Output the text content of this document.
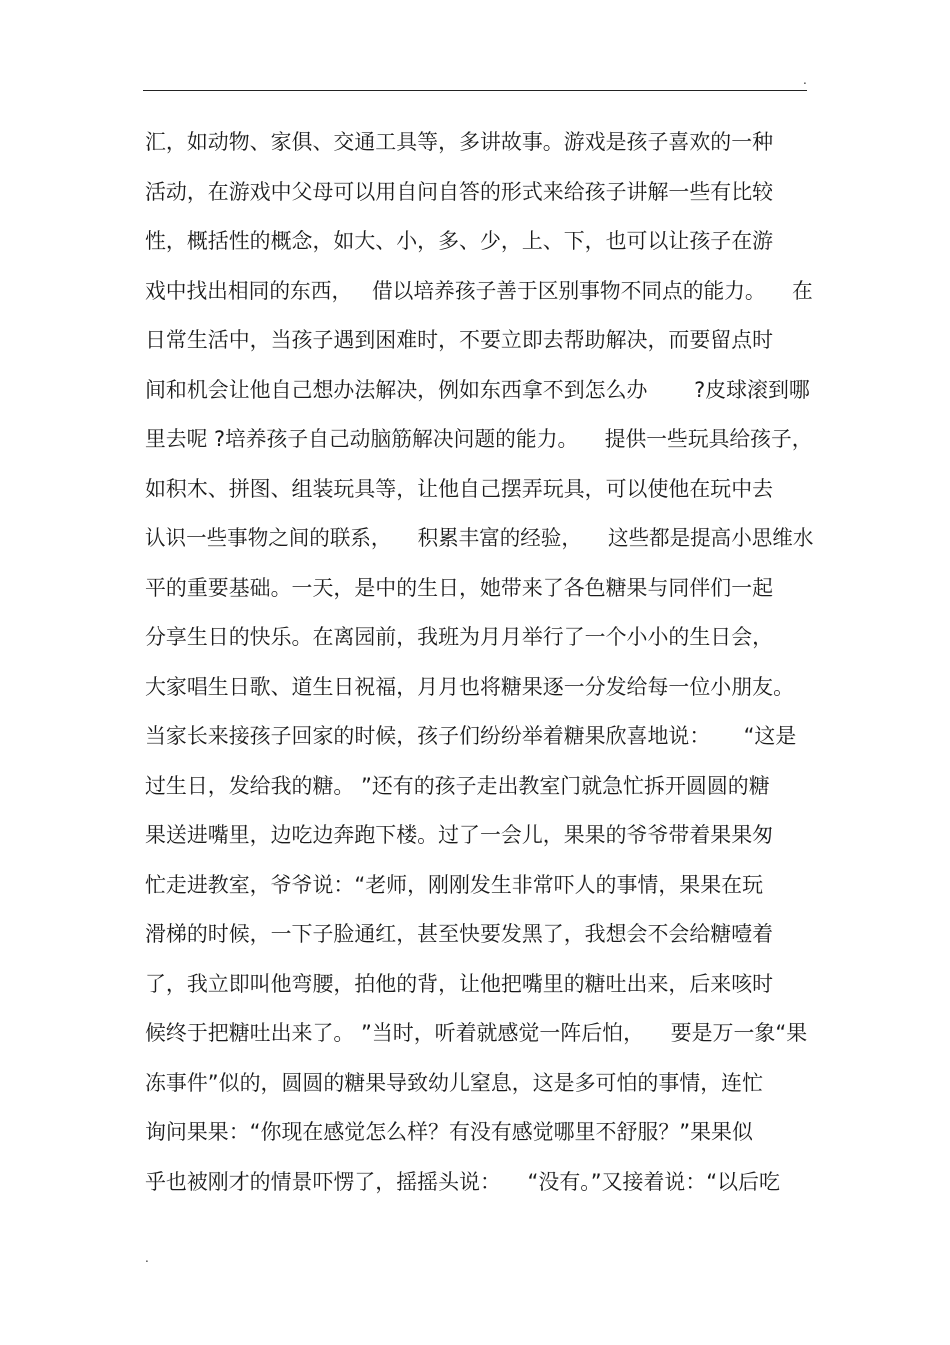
.
汇，如动物、家俱、交通工具等，多讲故事。游戏是孩子喜欢的一种
活动，在游戏中父母可以用自问自答的形式来给孩子讲解一些有比较
性，概括性的概念，如大、小，多、少，上、下，也可以让孩子在游
戏中找出相同的东西，   借以培养孩子善于区别事物不同点的能力。    在
日常生活中，当孩子遇到困难时，不要立即去帮助解决，而要留点时
间和机会让他自己想办法解决，例如东西拿不到怎么办       ?皮球滚到哪
里去呢 ?培养孩子自己动脑筋解决问题的能力。    提供一些玩具给孩子，
如积木、拼图、组装玩具等，让他自己摆弄玩具，可以使他在玩中去
认识一些事物之间的联系，    积累丰富的经验，    这些都是提高小思维水
平的重要基础。一天，是中的生日，她带来了各色糖果与同伴们一起
分享生日的快乐。在离园前，我班为月月举行了一个小小的生日会，
大家唱生日歌、道生日祝福，月月也将糖果逐一分发给每一位小朋友。
当家长来接孩子回家的时候，孩子们纷纷举着糖果欣喜地说：     “这是
过生日，发给我的糖。 ”还有的孩子走出教室门就急忙拆开圆圆的糖
果送进嘴里，边吃边奔跑下楼。过了一会儿，果果的爷爷带着果果匆
忙走进教室，爷爷说：“老师，刚刚发生非常吓人的事情，果果在玩
滑梯的时候，一下子脸通红，甚至快要发黑了，我想会不会给糖噎着
了，我立即叫他弯腰，拍他的背，让他把嘴里的糖吐出来，后来咳时
候终于把糖吐出来了。 ”当时，听着就感觉一阵后怕，    要是万一象“果
冻事件”似的，圆圆的糖果导致幼儿窒息，这是多可怕的事情，连忙
询问果果：“你现在感觉怎么样？有没有感觉哪里不舒服？”果果似
乎也被刚才的情景吓愣了，摇摇头说：    “没有。”又接着说：“以后吃
.
